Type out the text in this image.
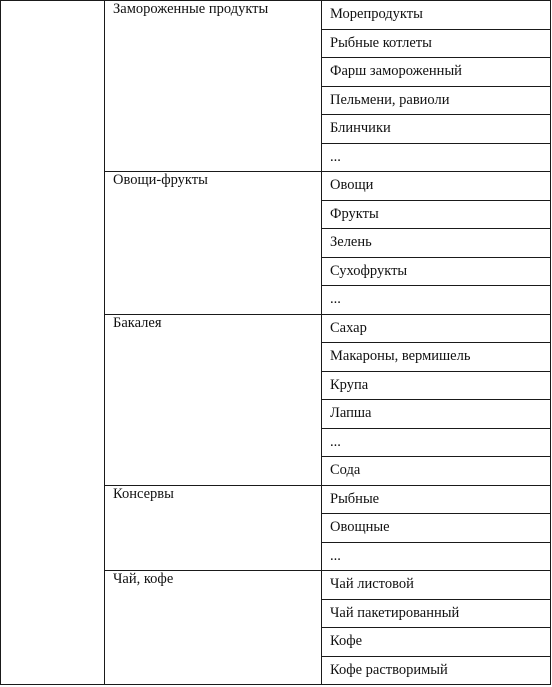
	Замороженные продукты	Морепродукты
		Рыбные котлеты
		Фарш замороженный
		Пельмени, равиоли
		Блинчики
		...
	Овощи-фрукты	Овощи
		Фрукты
		Зелень
		Сухофрукты
		...
	Бакалея	Сахар
		Макароны, вермишель
		Крупа
		Лапша
		...
		Сода
	Консервы	Рыбные
		Овощные
		...
	Чай, кофе	Чай листовой
		Чай пакетированный
		Кофе
		Кофе растворимый
